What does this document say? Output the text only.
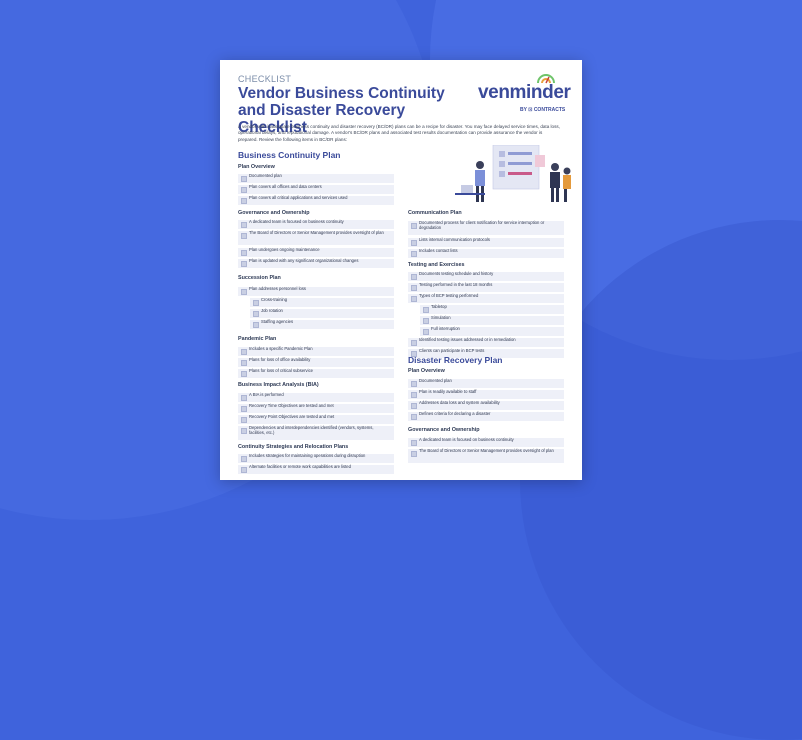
CHECKLIST
Vendor Business Continuity and Disaster Recovery Checklist
venminder
BY ⊡ CONTRACTS
A vendor with inadequate business continuity and disaster recovery (BC/DR) plans can be a recipe for disaster. You may face delayed service times, data loss, operational delays, and reputational damage. A vendor's BC/DR plans and associated test results documentation can provide assurance the vendor is prepared. Review the following items in BC/DR plans:
Business Continuity Plan
Plan Overview
Documented plan
Plan covers all offices and data centers
Plan covers all critical applications and services used
Governance and Ownership
A dedicated team is focused on business continuity
The Board of Directors or Senior Management provides oversight of plan
Plan undergoes ongoing maintenance
Plan is updated with any significant organizational changes
Succession Plan
Plan addresses personnel loss
Cross-training
Job rotation
Staffing agencies
Pandemic Plan
Includes a specific Pandemic Plan
Plans for loss of office availability
Plans for loss of critical subservice
Business Impact Analysis (BIA)
A BIA is performed
Recovery Time Objectives are tested and met
Recovery Point Objectives are tested and met
Dependencies and interdependencies identified (vendors, systems, facilities, etc.)
Continuity Strategies and Relocation Plans
Includes strategies for maintaining operations during disruption
Alternate facilities or remote work capabilities are listed
Communication Plan
Documented process for client notification for service interruption or degradation
Lists internal communication protocols
Includes contact lists
Testing and Exercises
Documents testing schedule and history
Testing performed in the last 18 months
Types of BCP testing performed
Tabletop
Simulation
Full interruption
Identified testing issues addressed or in remediation
Clients can participate in BCP tests
Disaster Recovery Plan
Plan Overview
Documented plan
Plan is readily available to staff
Addresses data loss and system availability
Defines criteria for declaring a disaster
Governance and Ownership
A dedicated team is focused on business continuity
The Board of Directors or Senior Management provides oversight of plan
